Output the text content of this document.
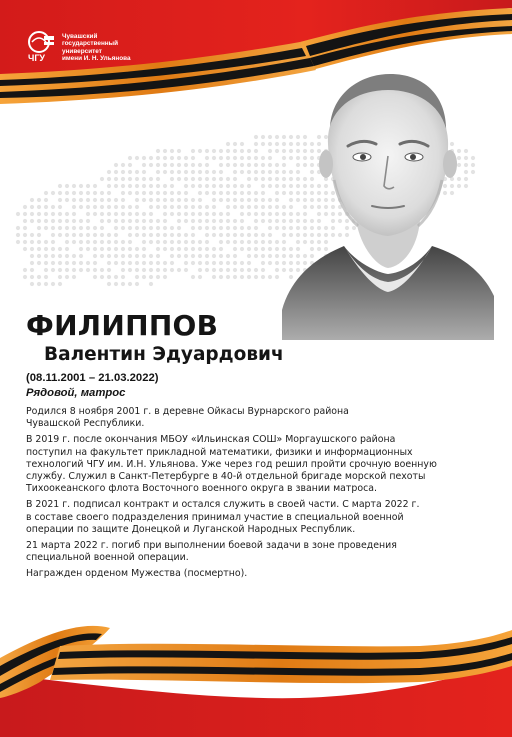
ЧГУ
Чувашский
государственный
университет
имени И. Н. Ульянова
ФИЛИППОВ
Валентин Эдуардович
(08.11.2001 – 21.03.2022)
Рядовой, матрос

Родился 8 ноября 2001 г. в деревне Ойкасы Вурнарского района
Чувашской Республики.

В 2019 г. после окончания МБОУ «Ильинская СОШ» Моргаушского района
поступил на факультет прикладной математики, физики и информационных
технологий ЧГУ им. И.Н. Ульянова. Уже через год решил пройти срочную военную
службу. Служил в Санкт-Петербурге в 40-й отдельной бригаде морской пехоты
Тихоокеанского флота Восточного военного округа в звании матроса.

В 2021 г. подписал контракт и остался служить в своей части. С марта 2022 г.
в составе своего подразделения принимал участие в специальной военной
операции по защите Донецкой и Луганской Народных Республик.

21 марта 2022 г. погиб при выполнении боевой задачи в зоне проведения
специальной военной операции.

Награжден орденом Мужества (посмертно).
